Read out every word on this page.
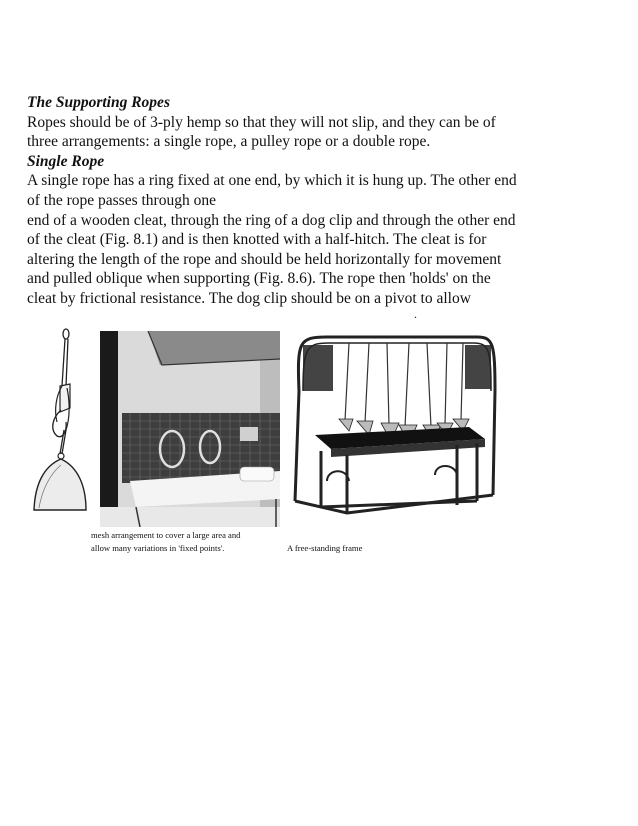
The Supporting Ropes
Ropes should be of 3-ply hemp so that they will not slip, and they can be of
three arrangements: a single rope, a pulley rope or a double rope.
Single Rope
A single rope has a ring fixed at one end, by which it is hung up. The other end
of the rope passes through one
end of a wooden cleat, through the ring of a dog clip and through the other end
of the cleat (Fig. 8.1) and is then knotted with a half-hitch. The cleat is for
altering the length of the rope and should be held horizontally for movement
and pulled oblique when supporting (Fig. 8.6). The rope then 'holds' on the
cleat by frictional resistance. The dog clip should be on a pivot to allow
.
mesh arrangement to cover a large area and
allow many variations in 'fixed points'.	A free-standing frame
